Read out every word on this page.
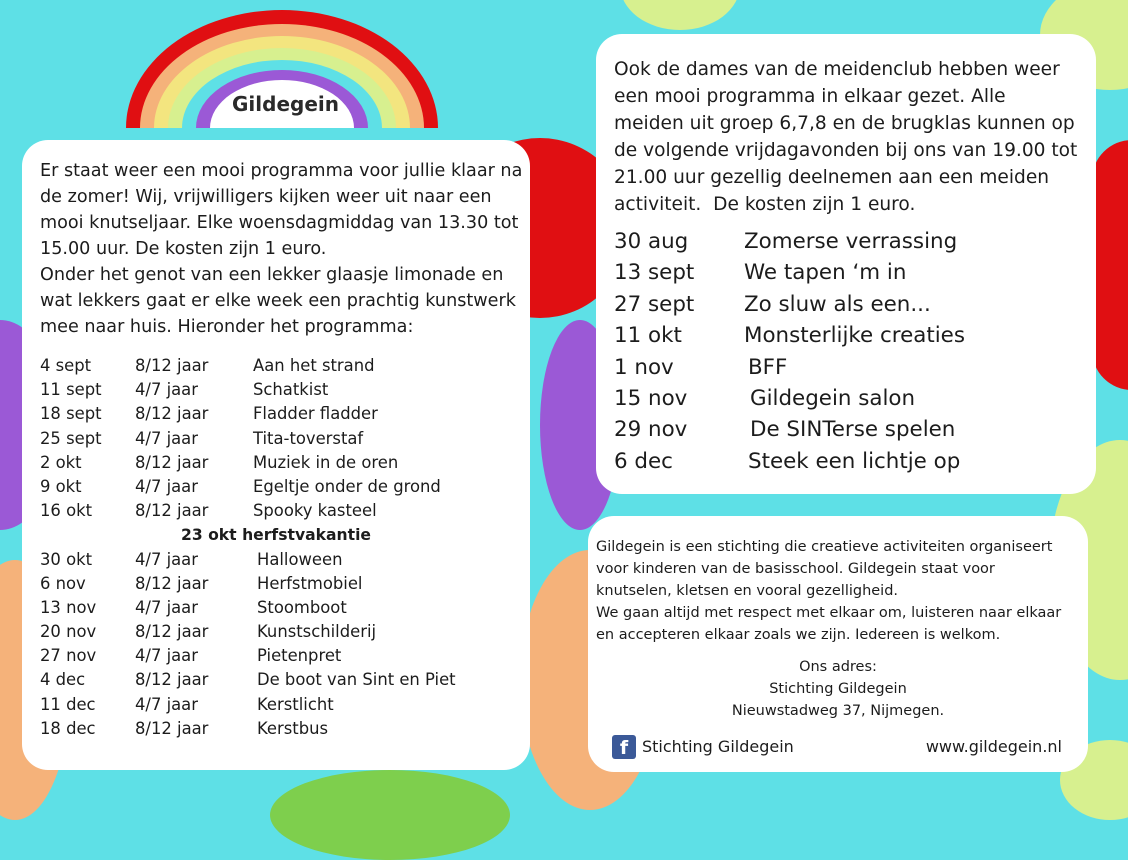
Gildegein
Er staat weer een mooi programma voor jullie klaar na
de zomer! Wij, vrijwilligers kijken weer uit naar een
mooi knutseljaar. Elke woensdagmiddag van 13.30 tot
15.00 uur. De kosten zijn 1 euro.
Onder het genot van een lekker glaasje limonade en
wat lekkers gaat er elke week een prachtig kunstwerk
mee naar huis. Hieronder het programma:
4 sept	8/12 jaar	Aan het strand
11 sept 4/7 jaar	Schatkist
18 sept 8/12 jaar	Fladder fladder
25 sept 4/7 jaar	Tita-toverstaf
2 okt	8/12 jaar	Muziek in de oren
9 okt	4/7 jaar	Egeltje onder de grond
16 okt	8/12 jaar	Spooky kasteel
23 okt herfstvakantie
30 okt	4/7 jaar	Halloween
6 nov	8/12 jaar	Herfstmobiel
13 nov 4/7 jaar	Stoomboot
20 nov 8/12 jaar	Kunstschilderij
27 nov 4/7 jaar	Pietenpret
4 dec	8/12 jaar	De boot van Sint en Piet
11 dec 4/7 jaar	Kerstlicht
18 dec 8/12 jaar	Kerstbus
Ook de dames van de meidenclub hebben weer
een mooi programma in elkaar gezet. Alle
meiden uit groep 6,7,8 en de brugklas kunnen op
de volgende vrijdagavonden bij ons van 19.00 tot
21.00 uur gezellig deelnemen aan een meiden
activiteit.  De kosten zijn 1 euro.
30 aug	Zomerse verrassing
13 sept We tapen ‘m in
27 sept Zo sluw als een...
11 okt	Monsterlijke creaties
1 nov	BFF
15 nov	Gildegein salon
29 nov	De SINTerse spelen
6 dec	Steek een lichtje op
Gildegein is een stichting die creatieve activiteiten organiseert
voor kinderen van de basisschool. Gildegein staat voor
knutselen, kletsen en vooral gezelligheid.
We gaan altijd met respect met elkaar om, luisteren naar elkaar
en accepteren elkaar zoals we zijn. Iedereen is welkom.
Ons adres:
Stichting Gildegein
Nieuwstadweg 37, Nijmegen.
f Stichting Gildegein	www.gildegein.nl
